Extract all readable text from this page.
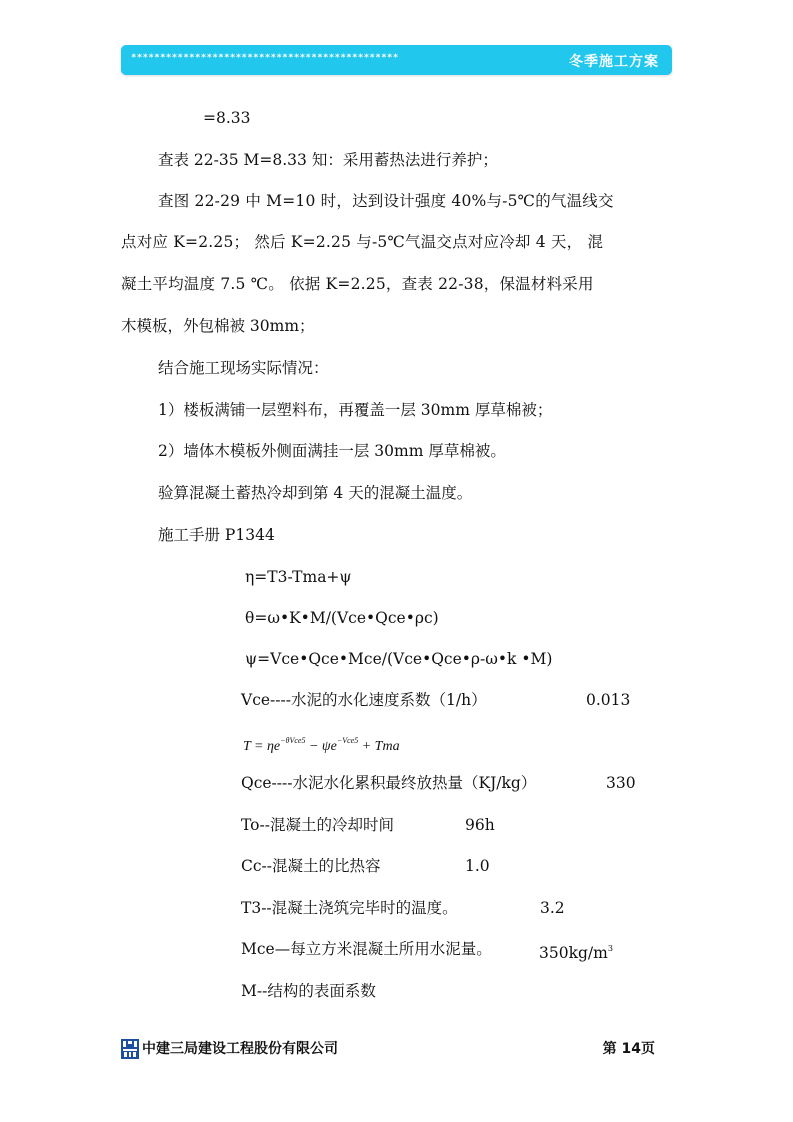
**********************************************	冬季施工方案
=8.33
查表 22-35 M=8.33 知：采用蓄热法进行养护；
查图 22-29 中 M=10 时，达到设计强度 40%与-5℃的气温线交
点对应 K=2.25； 然后 K=2.25 与-5℃气温交点对应冷却 4 天， 混
凝土平均温度 7.5 ℃。 依据 K=2.25，查表 22-38，保温材料采用
木模板，外包棉被 30mm；
结合施工现场实际情况：
1）楼板满铺一层塑料布，再覆盖一层 30mm 厚草棉被；
2）墙体木模板外侧面满挂一层 30mm 厚草棉被。
验算混凝土蓄热冷却到第 4 天的混凝土温度。
施工手册 P1344
η=T3-Tma+ψ
θ=ω•K•M/(Vce•Qce•ρc)
ψ=Vce•Qce•Mce/(Vce•Qce•ρ-ω•k •M)
Vce----水泥的水化速度系数（1/h）	0.013
$T = \eta e^{-\theta Vce5} - \psi e^{-Vce5}$ + Tma
Qce----水泥水化累积最终放热量（KJ/kg）	330
To--混凝土的冷却时间	96h
Cc--混凝土的比热容	1.0
T3--混凝土浇筑完毕时的温度。	3.2
Mce—每立方米混凝土所用水泥量。	$350kg/m^3$
M--结构的表面系数
中建三局建设工程股份有限公司	第 14页
